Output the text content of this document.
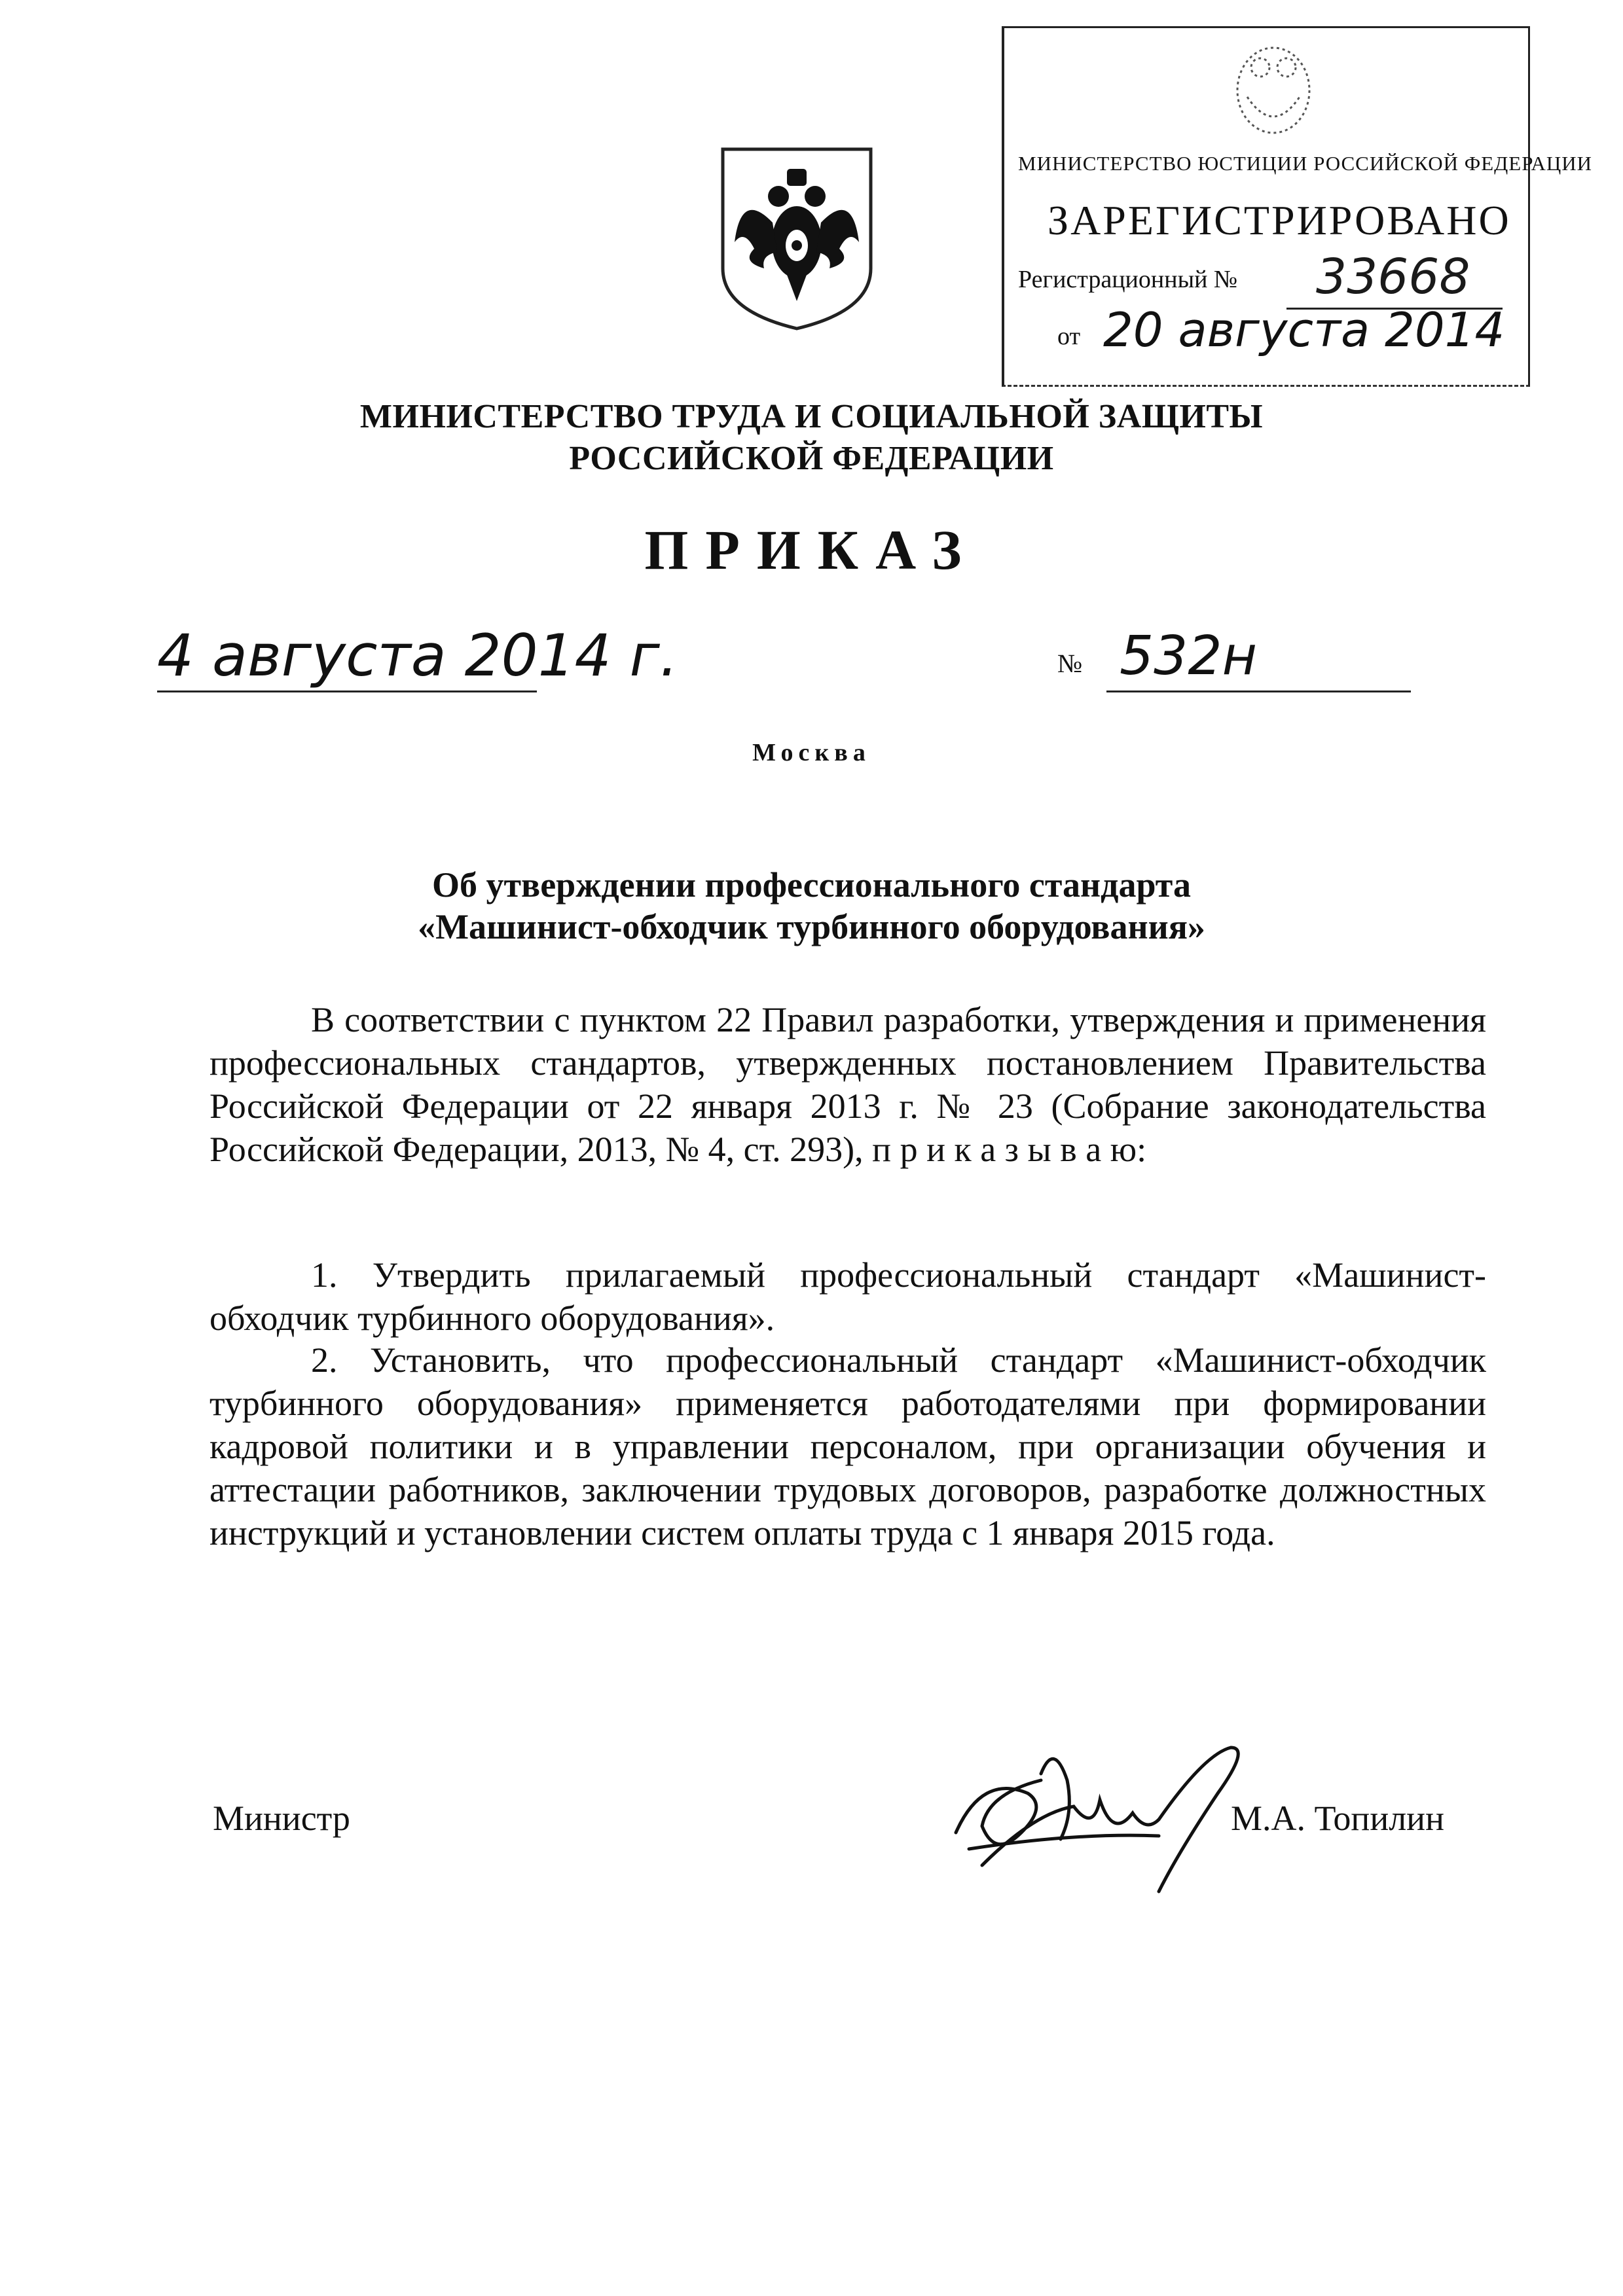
МИНИСТЕРСТВО ЮСТИЦИИ РОССИЙСКОЙ ФЕДЕРАЦИИ
ЗАРЕГИСТРИРОВАНО
Регистрационный № 33668
от 20 августа 2014
МИНИСТЕРСТВО ТРУДА И СОЦИАЛЬНОЙ ЗАЩИТЫ
РОССИЙСКОЙ ФЕДЕРАЦИИ
ПРИКАЗ
4 августа 2014 г.	№ 532н
Москва
Об утверждении профессионального стандарта
«Машинист-обходчик турбинного оборудования»
В соответствии с пунктом 22 Правил разработки, утверждения и применения профессиональных стандартов, утвержденных постановлением Правительства Российской Федерации от 22 января 2013 г. № 23 (Собрание законодательства Российской Федерации, 2013, № 4, ст. 293), п р и к а з ы в а ю:
1. Утвердить прилагаемый профессиональный стандарт «Машинист-обходчик турбинного оборудования».
2. Установить, что профессиональный стандарт «Машинист-обходчик турбинного оборудования» применяется работодателями при формировании кадровой политики и в управлении персоналом, при организации обучения и аттестации работников, заключении трудовых договоров, разработке должностных инструкций и установлении систем оплаты труда с 1 января 2015 года.
Министр	М.А. Топилин
